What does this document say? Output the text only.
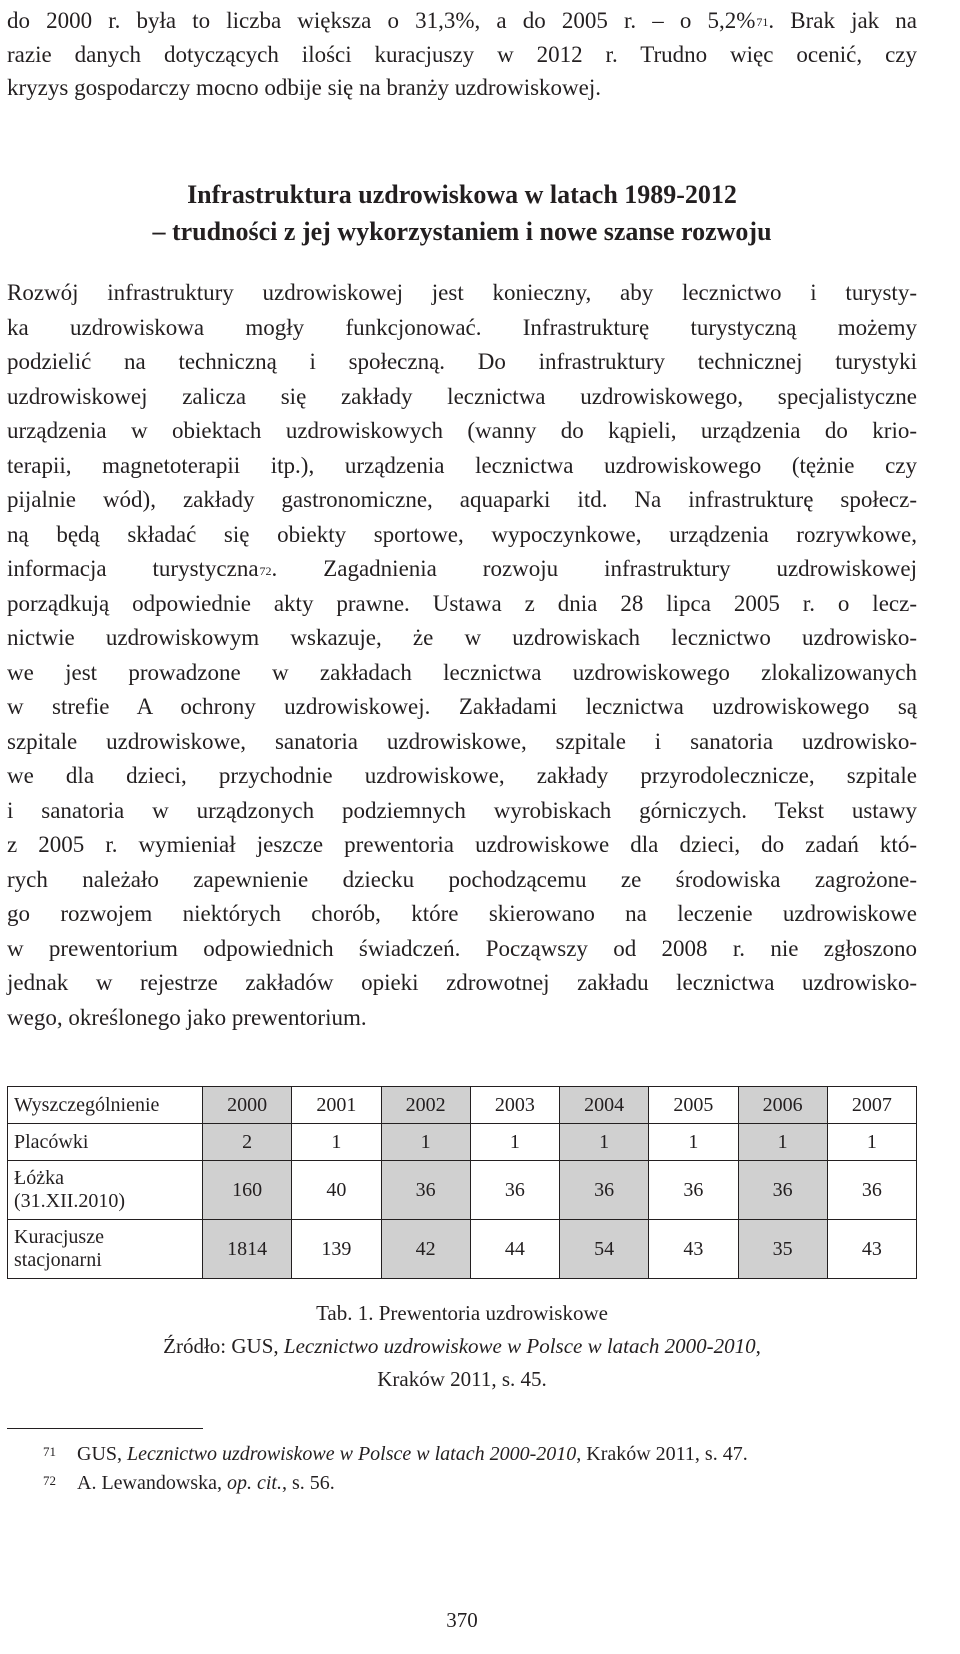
do 2000 r. była to liczba większa o 31,3%, a do 2005 r. – o 5,2%$^{71}$. Brak jak na

razie danych dotyczących ilości kuracjuszy w 2012 r. Trudno więc ocenić, czy

kryzys gospodarczy mocno odbije się na branży uzdrowiskowej.

Infrastruktura uzdrowiskowa w latach 1989-2012
– trudności z jej wykorzystaniem i nowe szanse rozwoju
Rozwój infrastruktury uzdrowiskowej jest konieczny, aby lecznictwo i turysty-
ka uzdrowiskowa mogły funkcjonować. Infrastrukturę turystyczną możemy
podzielić na techniczną i społeczną. Do infrastruktury technicznej turystyki
uzdrowiskowej zalicza się zakłady lecznictwa uzdrowiskowego, specjalistyczne
urządzenia w obiektach uzdrowiskowych (wanny do kąpieli, urządzenia do krio-
terapii, magnetoterapii itp.), urządzenia lecznictwa uzdrowiskowego (tężnie czy
pijalnie wód), zakłady gastronomiczne, aquaparki itd. Na infrastrukturę społecz-
ną będą składać się obiekty sportowe, wypoczynkowe, urządzenia rozrywkowe,
informacja turystyczna$^{72}$. Zagadnienia rozwoju infrastruktury uzdrowiskowej
porządkują odpowiednie akty prawne. Ustawa z dnia 28 lipca 2005 r. o lecz-
nictwie uzdrowiskowym wskazuje, że w uzdrowiskach lecznictwo uzdrowisko-
we jest prowadzone w zakładach lecznictwa uzdrowiskowego zlokalizowanych
w strefie A ochrony uzdrowiskowej. Zakładami lecznictwa uzdrowiskowego są
szpitale uzdrowiskowe, sanatoria uzdrowiskowe, szpitale i sanatoria uzdrowisko-
we dla dzieci, przychodnie uzdrowiskowe, zakłady przyrodolecznicze, szpitale
i sanatoria w urządzonych podziemnych wyrobiskach górniczych. Tekst ustawy
z 2005 r. wymieniał jeszcze prewentoria uzdrowiskowe dla dzieci, do zadań któ-
rych należało zapewnienie dziecku pochodzącemu ze środowiska zagrożone-
go rozwojem niektórych chorób, które skierowano na leczenie uzdrowiskowe
w prewentorium odpowiednich świadczeń. Począwszy od 2008 r. nie zgłoszono
jednak w rejestrze zakładów opieki zdrowotnej zakładu lecznictwa uzdrowisko-
wego, określonego jako prewentorium.
Wyszczególnienie	2000	2001	2002	2003	2004	2005	2006	2007
Placówki	2	1	1	1	1	1	1	1

Łóżka
(31.XII.2010)	160	40	36	36	36	36	36	36

Kuracjusze
stacjonarni	1814	139	42	44	54	43	35	43
Tab. 1. Prewentoria uzdrowiskowe
Źródło: GUS, Lecznictwo uzdrowiskowe w Polsce w latach 2000-2010,
Kraków 2011, s. 45.
71 GUS, Lecznictwo uzdrowiskowe w Polsce w latach 2000-2010, Kraków 2011, s. 47.
72 A. Lewandowska, op. cit., s. 56.
370
